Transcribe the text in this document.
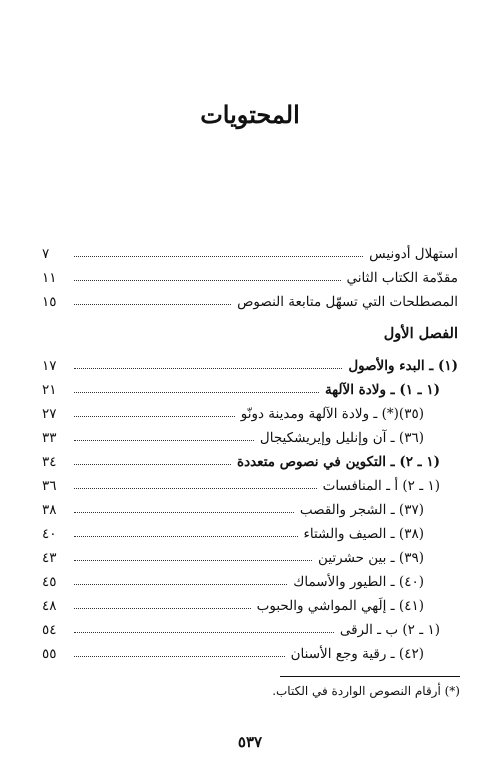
المحتويات
استهلال أدونيس
٧
مقدّمة الكتاب الثاني
١١
المصطلحات التي تسهّل متابعة النصوص
١٥
الفصل الأول
(١) ـ البدء والأصول
١٧
(١ ـ ١) ـ ولادة الآلهة
٢١
(٣٥)(*) ـ ولادة الآلهة ومدينة دونّو
٢٧
(٣٦) ـ آن وإنليل وإيريشكيجال
٣٣
(١ ـ ٢) ـ التكوين في نصوص متعددة
٣٤
(١ ـ ٢) أ ـ المنافسات
٣٦
(٣٧) ـ الشجر والقصب
٣٨
(٣٨) ـ الصيف والشتاء
٤٠
(٣٩) ـ بين حشرتين
٤٣
(٤٠) ـ الطيور والأسماك
٤٥
(٤١) ـ إلَهي المواشي والحبوب
٤٨
(١ ـ ٢) ب ـ الرقى
٥٤
(٤٢) ـ رقية وجع الأسنان
٥٥
(*) أرقام النصوص الواردة في الكتاب.
٥٣٧
